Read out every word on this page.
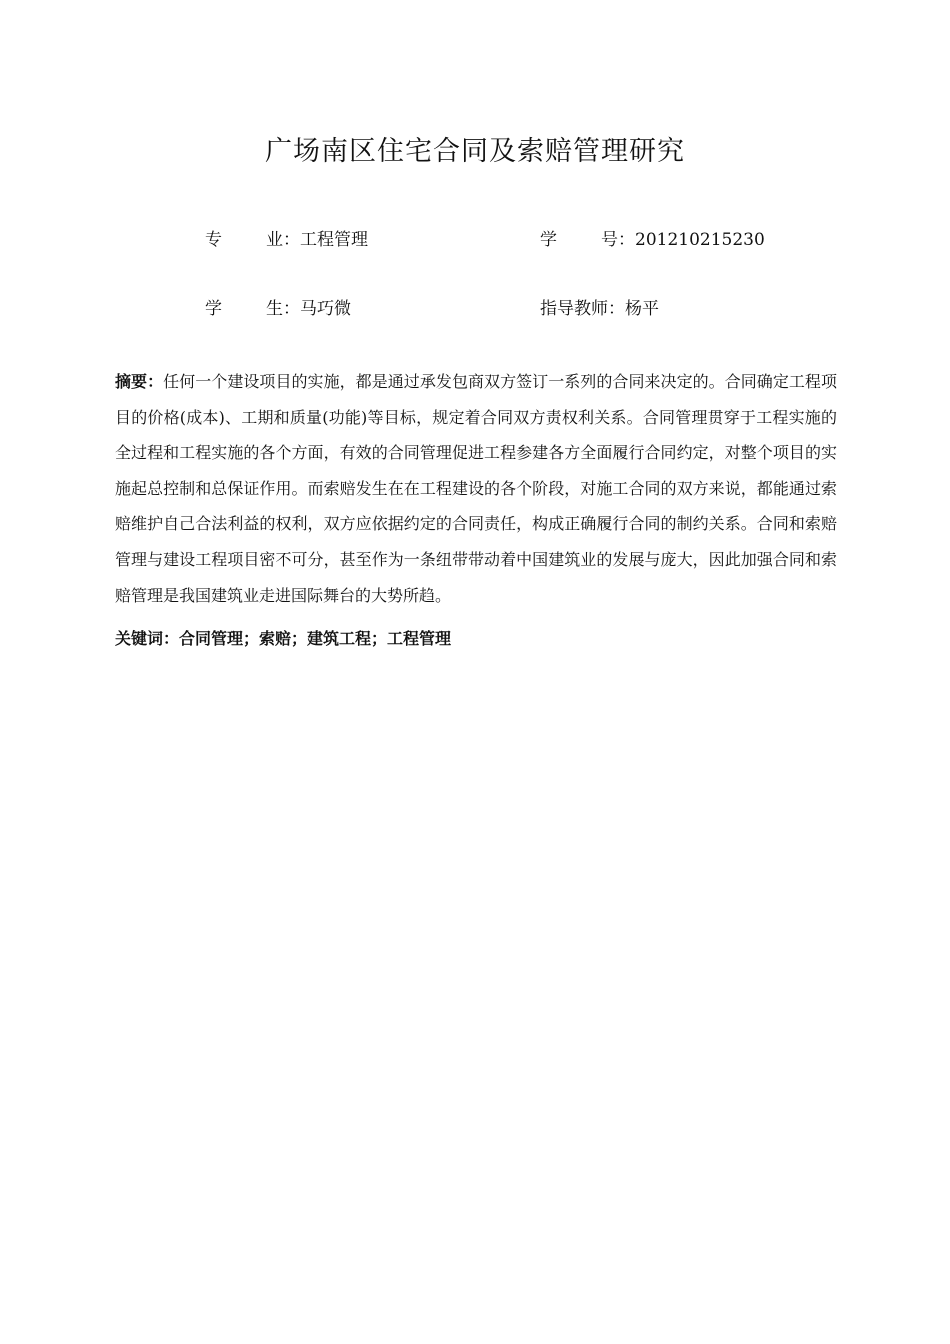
广场南区住宅合同及索赔管理研究
专	业：工程管理	学	号：201210215230
学	生：马巧微	指导教师：杨平
摘要：任何一个建设项目的实施，都是通过承发包商双方签订一系列的合同来决定的。合同确定工程项目的价格(成本)、工期和质量(功能)等目标，规定着合同双方责权利关系。合同管理贯穿于工程实施的全过程和工程实施的各个方面，有效的合同管理促进工程参建各方全面履行合同约定，对整个项目的实施起总控制和总保证作用。而索赔发生在在工程建设的各个阶段，对施工合同的双方来说，都能通过索赔维护自己合法利益的权利，双方应依据约定的合同责任，构成正确履行合同的制约关系。合同和索赔管理与建设工程项目密不可分，甚至作为一条纽带带动着中国建筑业的发展与庞大，因此加强合同和索赔管理是我国建筑业走进国际舞台的大势所趋。
关键词：合同管理；索赔；建筑工程；工程管理
